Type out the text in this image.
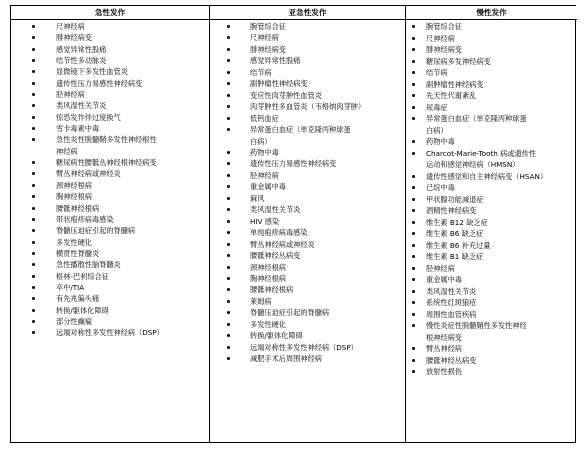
急性发作
尺神经病
腓神经病变
感觉异常性股痛
结节性多动脉炎
显微镜下多发性血管炎
遗传性压力易感性神经病变
胫神经病
类风湿性关节炎
惊恐发作伴过度换气
雪卡毒素中毒
急性炎性脱髓鞘多发性神经根性
神经病
糖尿病性腰骶丛神经根神经病变
臂丛神经病或神经炎
颈神经根病
胸神经根病
腰骶神经根病
带状疱疹病毒感染
脊髓压迫症引起的脊髓病
多发性硬化
横贯性脊髓炎
急性播散性脑脊髓炎
格林-巴利综合征
卒中/TIA
有先兆偏头痛
转换/躯体化障碍
部分性癫痫
远端对称性多发性神经病（DSP）
亚急性发作
腕管综合征
尺神经病
腓神经病变
感觉异常性股痛
结节病
副肿瘤性神经病变
变应性肉芽肿性血管炎
肉芽肿性多血管炎（韦格纳肉芽肿）
低钙血症
异常蛋白血症（单克隆丙种球蛋
白病）
药物中毒
遗传性压力易感性神经病变
胫神经病
重金属中毒
麻风
类风湿性关节炎
HIV 感染
单纯疱疹病毒感染
臂丛神经病或神经炎
腰骶神经丛病变
颈神经根病
胸神经根病
腰骶神经根病
莱姆病
脊髓压迫症引起的脊髓病
多发性硬化
转换/躯体化障碍
远端对称性多发性神经病（DSP）
减肥手术后周围神经病
慢性发作
腕管综合征
尺神经病
腓神经病变
糖尿病多发神经病变
结节病
副肿瘤性神经病变
先天性代谢紊乱
尿毒症
异常蛋白血症（单克隆丙种球蛋
白病）
药物中毒
Charcot-Marie-Tooth 病或遗传性
运动和感觉神经病（HMSN）
遗传性感觉和自主神经病变（HSAN）
已烷中毒
甲状腺功能减退症
酒精性神经病变
维生素 B12 缺乏症
维生素 B6 缺乏症
维生素 B6 补充过量
维生素 B1 缺乏症
胫神经病
重金属中毒
类风湿性关节炎
系统性红斑狼疮
周围性血管疾病
慢性炎症性脱髓鞘性多发性神经
根神经病变
臂丛神经病
腰骶神经丛病变
放射性损伤
